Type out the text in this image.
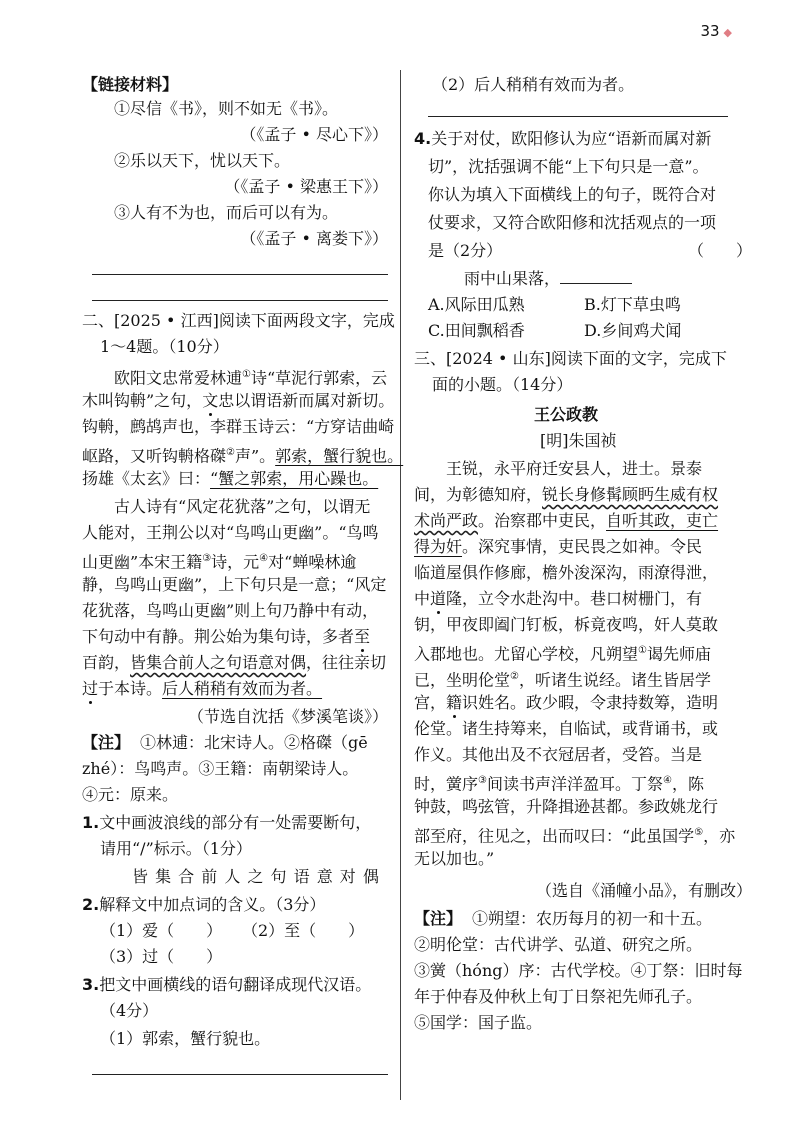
33 ◆
【链接材料】
①尽信《书》，则不如无《书》。
（《孟子 • 尽心下》）
②乐以天下，忧以天下。
（《孟子 • 梁惠王下》）
③人有不为也，而后可以有为。
（《孟子 • 离娄下》）
二、[2025 • 江西]阅读下面两段文字，完成
1～4题。（10分）
欧阳文忠常爱林逋①诗“草泥行郭索，云
木叫钩輈”之句，文忠以谓语新而属对新切。
钩輈，鹧鸪声也，李群玉诗云：“方穿诘曲崎
岖路，又听钩輈格磔②声”。郭索，蟹行貌也。
扬雄《太玄》曰：“蟹之郭索，用心躁也。
古人诗有“风定花犹落”之句，以谓无
人能对，王荆公以对“鸟鸣山更幽”。“鸟鸣
山更幽”本宋王籍③诗，元④对“蝉噪林逾
静，鸟鸣山更幽”，上下句只是一意；“风定
花犹落，鸟鸣山更幽”则上句乃静中有动，
下句动中有静。荆公始为集句诗，多者至
百韵，皆集合前人之句语意对偶，往往亲切
过于本诗。后人稍稍有效而为者。
（节选自沈括《梦溪笔谈》）
【注】 ①林逋：北宋诗人。②格磔（gē
zhé）：鸟鸣声。③王籍：南朝梁诗人。
④元：原来。
1.文中画波浪线的部分有一处需要断句，
请用“/”标示。（1分）
皆 集 合 前 人 之 句 语 意 对 偶
2.解释文中加点词的含义。（3分）
（1）爱（　　） （2）至（　　）
（3）过（　　）
3.把文中画横线的语句翻译成现代汉语。
（4分）
（1）郭索，蟹行貌也。
（2）后人稍稍有效而为者。
4.关于对仗，欧阳修认为应“语新而属对新
切”，沈括强调不能“上下句只是一意”。
你认为填入下面横线上的句子，既符合对
仗要求，又符合欧阳修和沈括观点的一项
是（2分）	（　　）
雨中山果落，
A.风际田瓜熟	B.灯下草虫鸣
C.田间飘稻香	D.乡间鸡犬闻
三、[2024 • 山东]阅读下面的文字，完成下
面的小题。（14分）
王公政教
[明]朱国祯
王锐，永平府迁安县人，进士。景泰
间，为彰德知府，锐长身修髯顾眄生威有权
术尚严政。治察郡中吏民，自听其政，吏亡
得为奸。深究事情，吏民畏之如神。令民
临道屋俱作修廊，檐外浚深沟，雨潦得泄，
中道隆，立令水赴沟中。巷口树栅门，有
钥，甲夜即阖门钉板，柝竟夜鸣，奸人莫敢
入郡地也。尤留心学校，凡朔望①谒先师庙
已，坐明伦堂②，听诸生说经。诸生皆居学
宫，籍识姓名。政少暇，令隶持数筹，造明
伦堂。诸生持筹来，自临试，或背诵书，或
作义。其他出及不衣冠居者，受笞。当是
时，黉序③间读书声洋洋盈耳。丁祭④，陈
钟鼓，鸣弦管，升降揖逊甚都。参政姚龙行
部至府，往见之，出而叹曰：“此虽国学⑤，亦
无以加也。”
（选自《涌幢小品》，有删改）
【注】 ①朔望：农历每月的初一和十五。
②明伦堂：古代讲学、弘道、研究之所。
③黉（hóng）序：古代学校。④丁祭：旧时每
年于仲春及仲秋上旬丁日祭祀先师孔子。
⑤国学：国子监。
